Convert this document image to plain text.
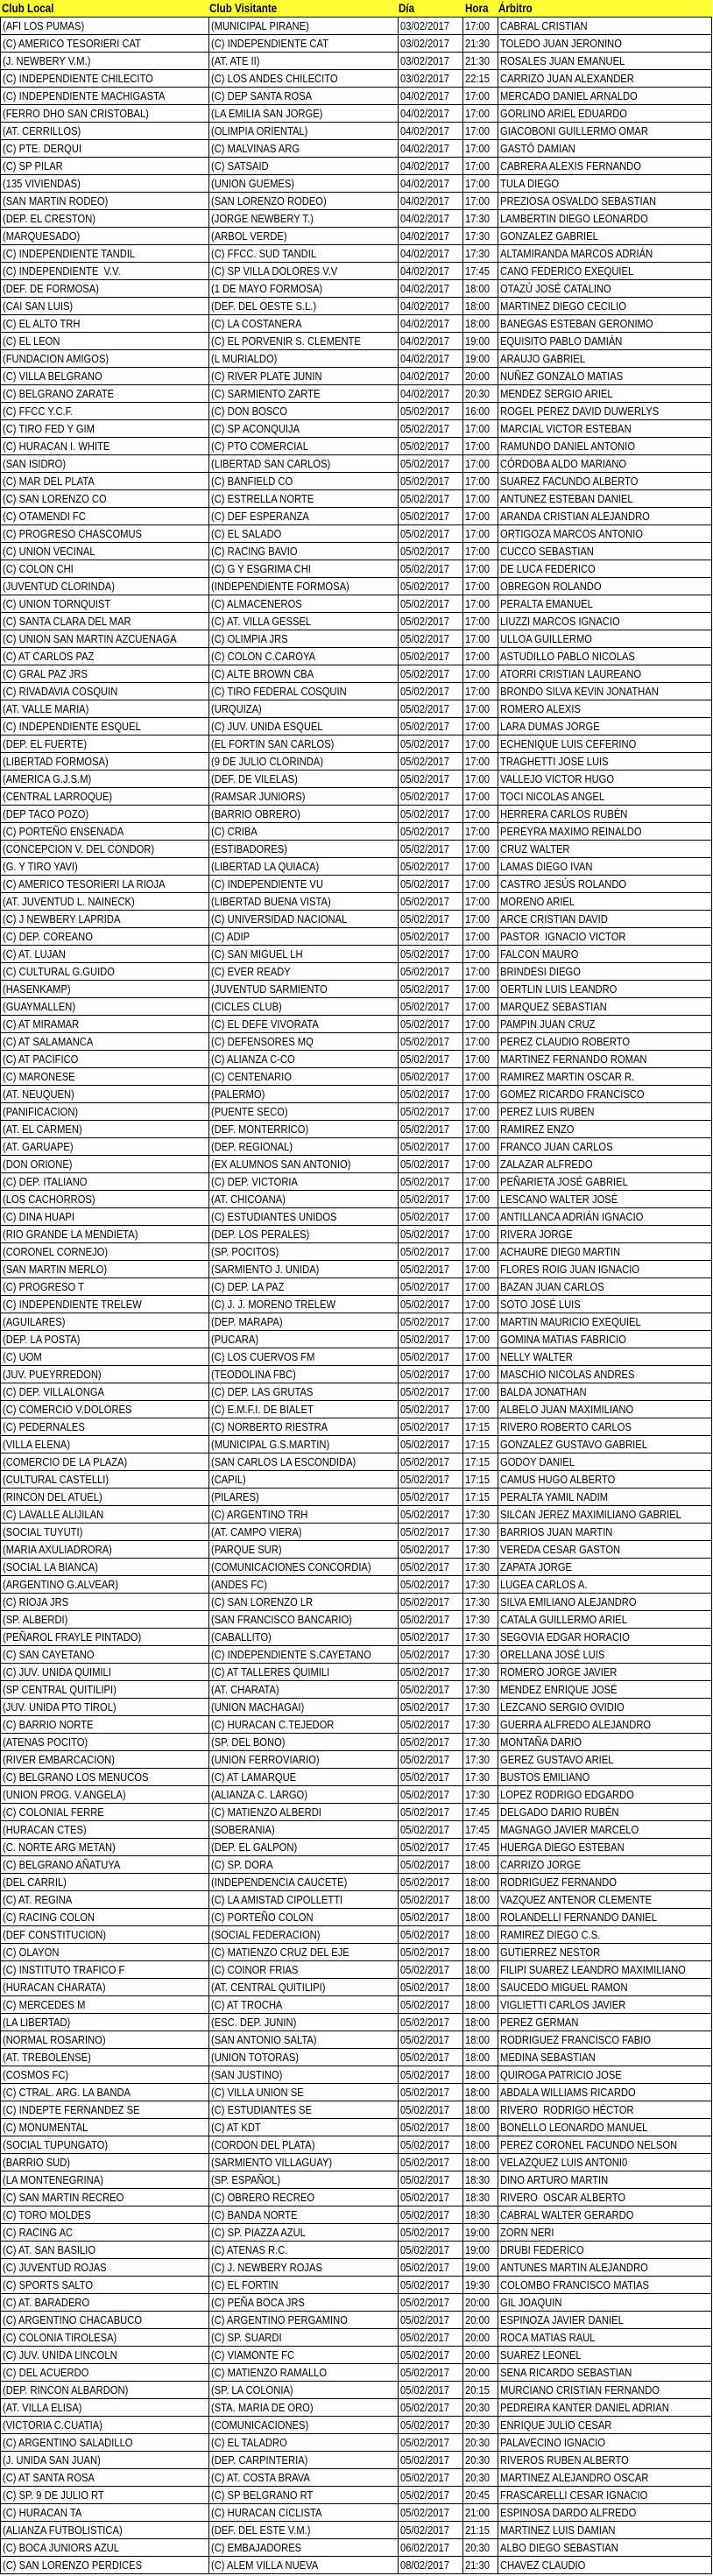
Club Local	Club Visitante	Día	Hora Árbitro
(AFI LOS PUMAS)	(MUNICIPAL PIRANE)	03/02/2017	17:00 CABRAL CRISTIAN
(C) AMERICO TESORIERI CAT	(C) INDEPENDIENTE CAT	03/02/2017	21:30 TOLEDO JUAN JERONINO
(J. NEWBERY V.M.)	(AT. ATE II)	03/02/2017	21:30 ROSALES JUAN EMANUEL
(C) INDEPENDIENTE CHILECITO	(C) LOS ANDES CHILECITO	03/02/2017	22:15 CARRIZO JUAN ALEXANDER
(C) INDEPENDIENTE MACHIGASTA	(C) DEP SANTA ROSA	04/02/2017	17:00 MERCADO DANIEL ARNALDO
(FERRO DHO SAN CRISTOBAL)	(LA EMILIA SAN JORGE)	04/02/2017	17:00 GORLINO ARIEL EDUARDO
(AT. CERRILLOS)	(OLIMPIA ORIENTAL)	04/02/2017	17:00 GIACOBONI GUILLERMO OMAR
(C) PTE. DERQUI	(C) MALVINAS ARG	04/02/2017	17:00 GASTÓ DAMIAN
(C) SP PILAR	(C) SATSAID	04/02/2017	17:00 CABRERA ALEXIS FERNANDO
(135 VIVIENDAS)	(UNION GUEMES)	04/02/2017	17:00 TULA DIEGO
(SAN MARTIN RODEO)	(SAN LORENZO RODEO)	04/02/2017	17:00 PREZIOSA OSVALDO SEBASTIAN
(DEP. EL CRESTON)	(JORGE NEWBERY T.)	04/02/2017	17:30 LAMBERTIN DIEGO LEONARDO
(MARQUESADO)	(ARBOL VERDE)	04/02/2017	17:30 GONZALEZ GABRIEL
(C) INDEPENDIENTE TANDIL	(C) FFCC. SUD TANDIL	04/02/2017	17:30 ALTAMIRANDA MARCOS ADRIÁN
(C) INDEPENDIENTE  V.V.	(C) SP VILLA DOLORES V.V	04/02/2017	17:45 CANO FEDERICO EXEQUIEL
(DEF. DE FORMOSA)	(1 DE MAYO FORMOSA)	04/02/2017	18:00 OTAZÚ JOSÉ CATALINO
(CAI SAN LUIS)	(DEF. DEL OESTE S.L.)	04/02/2017	18:00 MARTINEZ DIEGO CECILIO
(C) EL ALTO TRH	(C) LA COSTANERA	04/02/2017	18:00 BANEGAS ESTEBAN GERONIMO
(C) EL LEON	(C) EL PORVENIR S. CLEMENTE	04/02/2017	19:00 EQUISITO PABLO DAMIÁN
(FUNDACION AMIGOS)	(L MURIALDO)	04/02/2017	19:00 ARAUJO GABRIEL
(C) VILLA BELGRANO	(C) RIVER PLATE JUNIN	04/02/2017	20:00 NUÑEZ GONZALO MATIAS
(C) BELGRANO ZARATE	(C) SARMIENTO ZARTE	04/02/2017	20:30 MENDEZ SERGIO ARIEL
(C) FFCC Y.C.F.	(C) DON BOSCO	05/02/2017	16:00 ROGEL PEREZ DAVID DUWERLYS
(C) TIRO FED Y GIM	(C) SP ACONQUIJA	05/02/2017	17:00 MARCIAL VICTOR ESTEBAN
(C) HURACAN I. WHITE	(C) PTO COMERCIAL	05/02/2017	17:00 RAMUNDO DANIEL ANTONIO
(SAN ISIDRO)	(LIBERTAD SAN CARLOS)	05/02/2017	17:00 CÓRDOBA ALDO MARIANO
(C) MAR DEL PLATA	(C) BANFIELD CO	05/02/2017	17:00 SUAREZ FACUNDO ALBERTO
(C) SAN LORENZO CO	(C) ESTRELLA NORTE	05/02/2017	17:00 ANTUNEZ ESTEBAN DANIEL
(C) OTAMENDI FC	(C) DEF ESPERANZA	05/02/2017	17:00 ARANDA CRISTIAN ALEJANDRO
(C) PROGRESO CHASCOMUS	(C) EL SALADO	05/02/2017	17:00 ORTIGOZA MARCOS ANTONIO
(C) UNION VECINAL	(C) RACING BAVIO	05/02/2017	17:00 CUCCO SEBASTIAN
(C) COLON CHI	(C) G Y ESGRIMA CHI	05/02/2017	17:00 DE LUCA FEDERICO
(JUVENTUD CLORINDA)	(INDEPENDIENTE FORMOSA)	05/02/2017	17:00 OBREGON ROLANDO
(C) UNION TORNQUIST	(C) ALMACENEROS	05/02/2017	17:00 PERALTA EMANUEL
(C) SANTA CLARA DEL MAR	(C) AT. VILLA GESSEL	05/02/2017	17:00 LIUZZI MARCOS IGNACIO
(C) UNION SAN MARTIN AZCUENAGA	(C) OLIMPIA JRS	05/02/2017	17:00 ULLOA GUILLERMO
(C) AT CARLOS PAZ	(C) COLON C.CAROYA	05/02/2017	17:00 ASTUDILLO PABLO NICOLAS
(C) GRAL PAZ JRS	(C) ALTE BROWN CBA	05/02/2017	17:00 ATORRI CRISTIAN LAUREANO
(C) RIVADAVIA COSQUIN	(C) TIRO FEDERAL COSQUIN	05/02/2017	17:00 BRONDO SILVA KEVIN JONATHAN
(AT. VALLE MARIA)	(URQUIZA)	05/02/2017	17:00 ROMERO ALEXIS
(C) INDEPENDIENTE ESQUEL	(C) JUV. UNIDA ESQUEL	05/02/2017	17:00 LARA DUMAS JORGE
(DEP. EL FUERTE)	(EL FORTIN SAN CARLOS)	05/02/2017	17:00 ECHENIQUE LUIS CEFERINO
(LIBERTAD FORMOSA)	(9 DE JULIO CLORINDA)	05/02/2017	17:00 TRAGHETTI JOSE LUIS
(AMERICA G.J.S.M)	(DEF. DE VILELAS)	05/02/2017	17:00 VALLEJO VICTOR HUGO
(CENTRAL LARROQUE)	(RAMSAR JUNIORS)	05/02/2017	17:00 TOCI NICOLAS ANGEL
(DEP TACO POZO)	(BARRIO OBRERO)	05/02/2017	17:00 HERRERA CARLOS RUBÉN
(C) PORTEÑO ENSENADA	(C) CRIBA	05/02/2017	17:00 PEREYRA MAXIMO REINALDO
(CONCEPCION V. DEL CONDOR)	(ESTIBADORES)	05/02/2017	17:00 CRUZ WALTER
(G. Y TIRO YAVI)	(LIBERTAD LA QUIACA)	05/02/2017	17:00 LAMAS DIEGO IVAN
(C) AMERICO TESORIERI LA RIOJA	(C) INDEPENDIENTE VU	05/02/2017	17:00 CASTRO JESÚS ROLANDO
(AT. JUVENTUD L. NAINECK)	(LIBERTAD BUENA VISTA)	05/02/2017	17:00 MORENO ARIEL
(C) J NEWBERY LAPRIDA	(C) UNIVERSIDAD NACIONAL	05/02/2017	17:00 ARCE CRISTIAN DAVID
(C) DEP. COREANO	(C) ADIP	05/02/2017	17:00 PASTOR  IGNACIO VICTOR
(C) AT. LUJAN	(C) SAN MIGUEL LH	05/02/2017	17:00 FALCON MAURO
(C) CULTURAL G.GUIDO	(C) EVER READY	05/02/2017	17:00 BRINDESI DIEGO
(HASENKAMP)	(JUVENTUD SARMIENTO	05/02/2017	17:00 OERTLIN LUIS LEANDRO
(GUAYMALLEN)	(CICLES CLUB)	05/02/2017	17:00 MARQUEZ SEBASTIAN
(C) AT MIRAMAR	(C) EL DEFE VIVORATA	05/02/2017	17:00 PAMPIN JUAN CRUZ
(C) AT SALAMANCA	(C) DEFENSORES MQ	05/02/2017	17:00 PEREZ CLAUDIO ROBERTO
(C) AT PACIFICO	(C) ALIANZA C-CO	05/02/2017	17:00 MARTINEZ FERNANDO ROMAN
(C) MARONESE	(C) CENTENARIO	05/02/2017	17:00 RAMIREZ MARTIN OSCAR R.
(AT. NEUQUEN)	(PALERMO)	05/02/2017	17:00 GOMEZ RICARDO FRANCISCO
(PANIFICACION)	(PUENTE SECO)	05/02/2017	17:00 PEREZ LUIS RUBEN
(AT. EL CARMEN)	(DEF. MONTERRICO)	05/02/2017	17:00 RAMIREZ ENZO
(AT. GARUAPE)	(DEP. REGIONAL)	05/02/2017	17:00 FRANCO JUAN CARLOS
(DON ORIONE)	(EX ALUMNOS SAN ANTONIO)	05/02/2017	17:00 ZALAZAR ALFREDO
(C) DEP. ITALIANO	(C) DEP. VICTORIA	05/02/2017	17:00 PEÑARIETA JOSÉ GABRIEL
(LOS CACHORROS)	(AT. CHICOANA)	05/02/2017	17:00 LESCANO WALTER JOSÉ
(C) DINA HUAPI	(C) ESTUDIANTES UNIDOS	05/02/2017	17:00 ANTILLANCA ADRIÁN IGNACIO
(RIO GRANDE LA MENDIETA)	(DEP. LOS PERALES)	05/02/2017	17:00 RIVERA JORGE
(CORONEL CORNEJO)	(SP. POCITOS)	05/02/2017	17:00 ACHAURE DIEG0 MARTIN
(SAN MARTIN MERLO)	(SARMIENTO J. UNIDA)	05/02/2017	17:00 FLORES ROIG JUAN IGNACIO
(C) PROGRESO T	(C) DEP. LA PAZ	05/02/2017	17:00 BAZAN JUAN CARLOS
(C) INDEPENDIENTE TRELEW	(C) J. J. MORENO TRELEW	05/02/2017	17:00 SOTO JOSÉ LUIS
(AGUILARES)	(DEP. MARAPA)	05/02/2017	17:00 MARTIN MAURICIO EXEQUIEL
(DEP. LA POSTA)	(PUCARA)	05/02/2017	17:00 GOMINA MATIAS FABRICIO
(C) UOM	(C) LOS CUERVOS FM	05/02/2017	17:00 NELLY WALTER
(JUV. PUEYRREDON)	(TEODOLINA FBC)	05/02/2017	17:00 MASCHIO NICOLAS ANDRES
(C) DEP. VILLALONGA	(C) DEP. LAS GRUTAS	05/02/2017	17:00 BALDA JONATHAN
(C) COMERCIO V.DOLORES	(C) E.M.F.I. DE BIALET	05/02/2017	17:00 ALBELO JUAN MAXIMILIANO
(C) PEDERNALES	(C) NORBERTO RIESTRA	05/02/2017	17:15 RIVERO ROBERTO CARLOS
(VILLA ELENA)	(MUNICIPAL G.S.MARTIN)	05/02/2017	17:15 GONZALEZ GUSTAVO GABRIEL
(COMERCIO DE LA PLAZA)	(SAN CARLOS LA ESCONDIDA)	05/02/2017	17:15 GODOY DANIEL
(CULTURAL CASTELLI)	(CAPIL)	05/02/2017	17:15 CAMUS HUGO ALBERTO
(RINCON DEL ATUEL)	(PILARES)	05/02/2017	17:15 PERALTA YAMIL NADIM
(C) LAVALLE ALIJILAN	(C) ARGENTINO TRH	05/02/2017	17:30 SILCAN JEREZ MAXIMILIANO GABRIEL
(SOCIAL TUYUTI)	(AT. CAMPO VIERA)	05/02/2017	17:30 BARRIOS JUAN MARTIN
(MARIA AXULIADRORA)	(PARQUE SUR)	05/02/2017	17:30 VEREDA CESAR GASTON
(SOCIAL LA BIANCA)	(COMUNICACIONES CONCORDIA)	05/02/2017	17:30 ZAPATA JORGE
(ARGENTINO G.ALVEAR)	(ANDES FC)	05/02/2017	17:30 LUGEA CARLOS A.
(C) RIOJA JRS	(C) SAN LORENZO LR	05/02/2017	17:30 SILVA EMILIANO ALEJANDRO
(SP. ALBERDI)	(SAN FRANCISCO BANCARIO)	05/02/2017	17:30 CATALA GUILLERMO ARIEL
(PEÑAROL FRAYLE PINTADO)	(CABALLITO)	05/02/2017	17:30 SEGOVIA EDGAR HORACIO
(C) SAN CAYETANO	(C) INDEPENDIENTE S.CAYETANO	05/02/2017	17:30 ORELLANA JOSÉ LUIS
(C) JUV. UNIDA QUIMILI	(C) AT TALLERES QUIMILI	05/02/2017	17:30 ROMERO JORGE JAVIER
(SP CENTRAL QUITILIPI)	(AT. CHARATA)	05/02/2017	17:30 MENDEZ ENRIQUE JOSÉ
(JUV. UNIDA PTO TIROL)	(UNION MACHAGAI)	05/02/2017	17:30 LEZCANO SERGIO OVIDIO
(C) BARRIO NORTE	(C) HURACAN C.TEJEDOR	05/02/2017	17:30 GUERRA ALFREDO ALEJANDRO
(ATENAS POCITO)	(SP. DEL BONO)	05/02/2017	17:30 MONTAÑA DARIO
(RIVER EMBARCACION)	(UNION FERROVIARIO)	05/02/2017	17:30 GEREZ GUSTAVO ARIEL
(C) BELGRANO LOS MENUCOS	(C) AT LAMARQUE	05/02/2017	17:30 BUSTOS EMILIANO
(UNION PROG. V.ANGELA)	(ALIANZA C. LARGO)	05/02/2017	17:30 LOPEZ RODRIGO EDGARDO
(C) COLONIAL FERRE	(C) MATIENZO ALBERDI	05/02/2017	17:45 DELGADO DARIO RUBÉN
(HURACAN CTES)	(SOBERANIA)	05/02/2017	17:45 MAGNAGO JAVIER MARCELO
(C. NORTE ARG METAN)	(DEP. EL GALPON)	05/02/2017	17:45 HUERGA DIEGO ESTEBAN
(C) BELGRANO AÑATUYA	(C) SP. DORA	05/02/2017	18:00 CARRIZO JORGE
(DEL CARRIL)	(INDEPENDENCIA CAUCETE)	05/02/2017	18:00 RODRIGUEZ FERNANDO
(C) AT. REGINA	(C) LA AMISTAD CIPOLLETTI	05/02/2017	18:00 VAZQUEZ ANTENOR CLEMENTE
(C) RACING COLON	(C) PORTEÑO COLON	05/02/2017	18:00 ROLANDELLI FERNANDO DANIEL
(DEF CONSTITUCION)	(SOCIAL FEDERACION)	05/02/2017	18:00 RAMIREZ DIEGO C.S.
(C) OLAYON	(C) MATIENZO CRUZ DEL EJE	05/02/2017	18:00 GUTIERREZ NESTOR
(C) INSTITUTO TRAFICO F	(C) COINOR FRIAS	05/02/2017	18:00 FILIPI SUAREZ LEANDRO MAXIMILIANO
(HURACAN CHARATA)	(AT. CENTRAL QUITILIPI)	05/02/2017	18:00 SAUCEDO MIGUEL RAMON
(C) MERCEDES M	(C) AT TROCHA	05/02/2017	18:00 VIGLIETTI CARLOS JAVIER
(LA LIBERTAD)	(ESC. DEP. JUNIN)	05/02/2017	18:00 PEREZ GERMAN
(NORMAL ROSARINO)	(SAN ANTONIO SALTA)	05/02/2017	18:00 RODRIGUEZ FRANCISCO FABIO
(AT. TREBOLENSE)	(UNION TOTORAS)	05/02/2017	18:00 MEDINA SEBASTIAN
(COSMOS FC)	(SAN JUSTINO)	05/02/2017	18:00 QUIROGA PATRICIO JOSE
(C) CTRAL. ARG. LA BANDA	(C) VILLA UNION SE	05/02/2017	18:00 ABDALA WILLIAMS RICARDO
(C) INDEPTE FERNANDEZ SE	(C) ESTUDIANTES SE	05/02/2017	18:00 RIVERO  RODRIGO HÉCTOR
(C) MONUMENTAL	(C) AT KDT	05/02/2017	18:00 BONELLO LEONARDO MANUEL
(SOCIAL TUPUNGATO)	(CORDON DEL PLATA)	05/02/2017	18:00 PEREZ CORONEL FACUNDO NELSON
(BARRIO SUD)	(SARMIENTO VILLAGUAY)	05/02/2017	18:00 VELAZQUEZ LUIS ANTONI0
(LA MONTENEGRINA)	(SP. ESPAÑOL)	05/02/2017	18:30 DINO ARTURO MARTIN
(C) SAN MARTIN RECREO	(C) OBRERO RECREO	05/02/2017	18:30 RIVERO  OSCAR ALBERTO
(C) TORO MOLDES	(C) BANDA NORTE	05/02/2017	18:30 CABRAL WALTER GERARDO
(C) RACING AC	(C) SP. PIAZZA AZUL	05/02/2017	19:00 ZORN NERI
(C) AT. SAN BASILIO	(C) ATENAS R.C.	05/02/2017	19:00 DRUBI FEDERICO
(C) JUVENTUD ROJAS	(C) J. NEWBERY ROJAS	05/02/2017	19:00 ANTUNES MARTIN ALEJANDRO
(C) SPORTS SALTO	(C) EL FORTIN	05/02/2017	19:30 COLOMBO FRANCISCO MATIAS
(C) AT. BARADERO	(C) PEÑA BOCA JRS	05/02/2017	20:00 GIL JOAQUIN
(C) ARGENTINO CHACABUCO	(C) ARGENTINO PERGAMINO	05/02/2017	20:00 ESPINOZA JAVIER DANIEL
(C) COLONIA TIROLESA)	(C) SP. SUARDI	05/02/2017	20:00 ROCA MATIAS RAUL
(C) JUV. UNIDA LINCOLN	(C) VIAMONTE FC	05/02/2017	20:00 SUAREZ LEONEL
(C) DEL ACUERDO	(C) MATIENZO RAMALLO	05/02/2017	20:00 SENA RICARDO SEBASTIAN
(DEP. RINCON ALBARDON)	(SP. LA COLONIA)	05/02/2017	20:15 MURCIANO CRISTIAN FERNANDO
(AT. VILLA ELISA)	(STA. MARIA DE ORO)	05/02/2017	20:30 PEDREIRA KANTER DANIEL ADRIAN
(VICTORIA C.CUATIA)	(COMUNICACIONES)	05/02/2017	20:30 ENRIQUE JULIO CESAR
(C) ARGENTINO SALADILLO	(C) EL TALADRO	05/02/2017	20:30 PALAVECINO IGNACIO
(J. UNIDA SAN JUAN)	(DEP. CARPINTERIA)	05/02/2017	20:30 RIVEROS RUBEN ALBERTO
(C) AT SANTA ROSA	(C) AT. COSTA BRAVA	05/02/2017	20:30 MARTINEZ ALEJANDRO OSCAR
(C) SP. 9 DE JULIO RT	(C) SP BELGRANO RT	05/02/2017	20:45 FRASCARELLI CESAR IGNACIO
(C) HURACAN TA	(C) HURACAN CICLISTA	05/02/2017	21:00 ESPINOSA DARDO ALFREDO
(ALIANZA FUTBOLISTICA)	(DEF. DEL ESTE V.M.)	05/02/2017	21:15 MARTINEZ LUIS DAMIAN
(C) BOCA JUNIORS AZUL	(C) EMBAJADORES	06/02/2017	20:30 ALBO DIEGO SEBASTIAN
(C) SAN LORENZO PERDICES	(C) ALEM VILLA NUEVA	08/02/2017	21:30 CHAVEZ CLAUDIO
